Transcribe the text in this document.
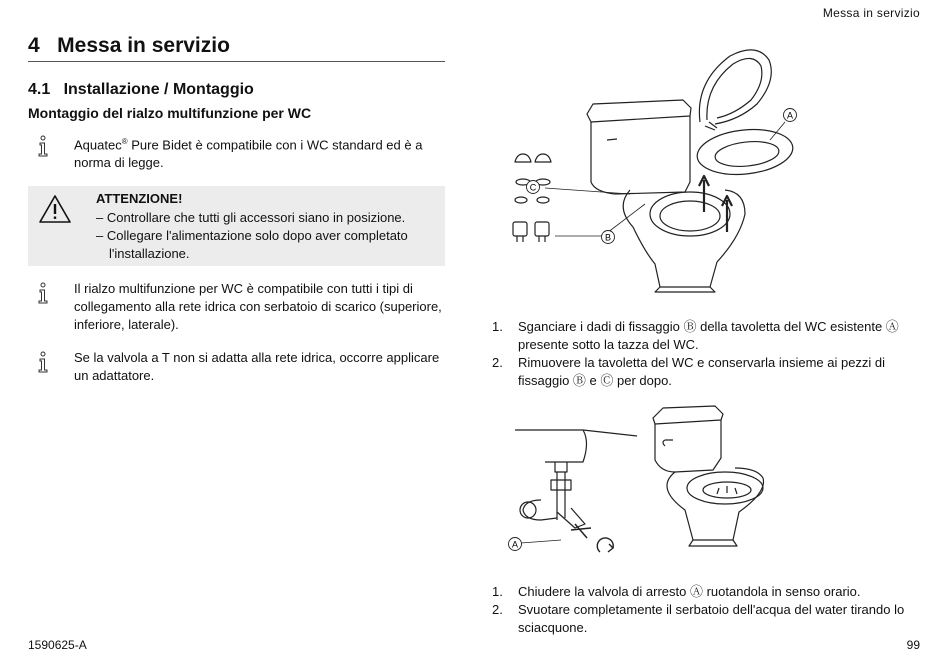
Messa in servizio
4   Messa in servizio
4.1   Installazione / Montaggio
Montaggio del rialzo multifunzione per WC
Aquatec® Pure Bidet è compatibile con i WC standard ed è a norma di legge.
ATTENZIONE!
– Controllare che tutti gli accessori siano in posizione.
– Collegare l'alimentazione solo dopo aver completato l'installazione.
Il rialzo multifunzione per WC è compatibile con tutti i tipi di collegamento alla rete idrica con serbatoio di scarico (superiore, inferiore, laterale).
Se la valvola a T non si adatta alla rete idrica, occorre applicare un adattatore.
A
C
B
1. Sganciare i dadi di fissaggio Ⓑ della tavoletta del WC esistente Ⓐ presente sotto la tazza del WC.
2. Rimuovere la tavoletta del WC e conservarla insieme ai pezzi di fissaggio Ⓑ e Ⓒ per dopo.
A
1. Chiudere la valvola di arresto Ⓐ ruotandola in senso orario.
2. Svuotare completamente il serbatoio dell'acqua del water tirando lo sciacquone.
1590625-A	99
